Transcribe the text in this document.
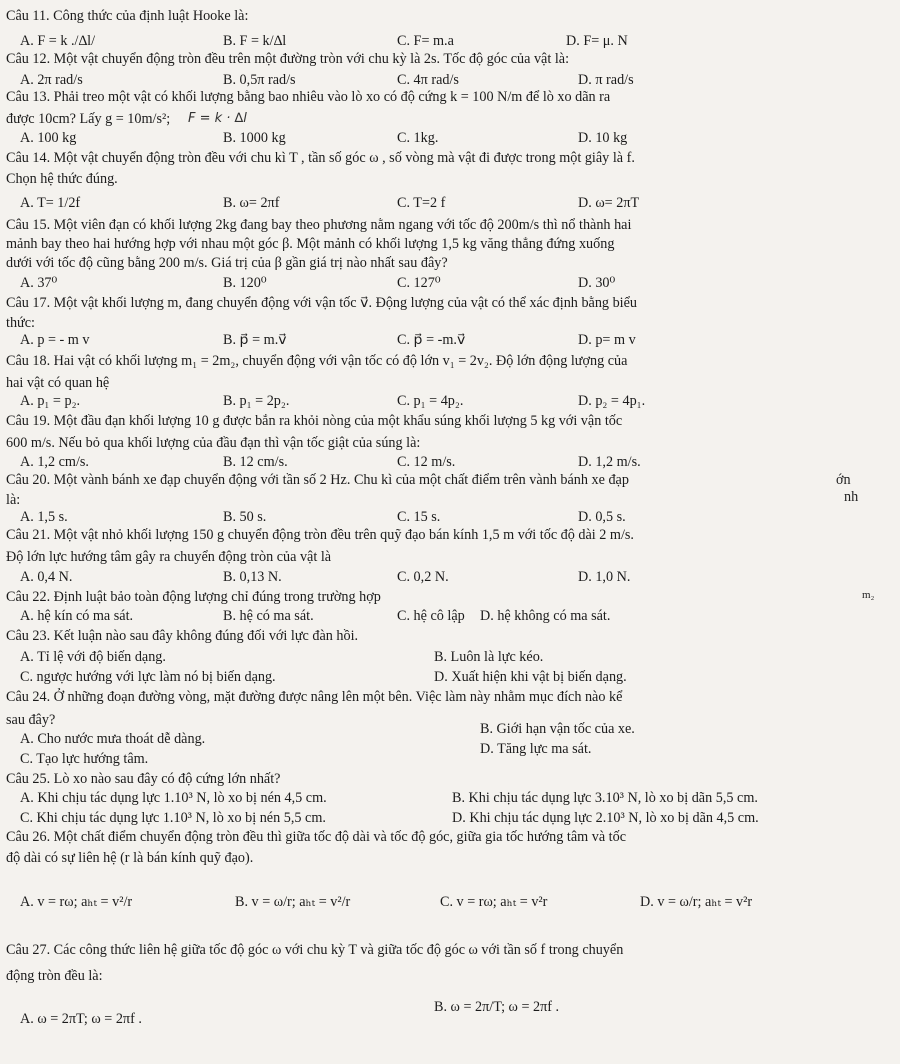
Câu 11. Công thức của định luật Hooke là:
A. F = k ./∆l/	B. F = k/∆l	C. F= m.a	D. F= μ. N
Câu 12. Một vật chuyển động tròn đều trên một đường tròn với chu kỳ là 2s. Tốc độ góc của vật là:
A. 2π rad/s	B. 0,5π rad/s	C. 4π rad/s	D. π rad/s
Câu 13. Phải treo một vật có khối lượng bằng bao nhiêu vào lò xo có độ cứng k = 100 N/m để lò xo dãn ra
được 10cm? Lấy g = 10m/s²; F = k · ∆l
A. 100 kg	B. 1000 kg	C. 1kg.	D. 10 kg
Câu 14. Một vật chuyển động tròn đều với chu kì T , tần số góc ω , số vòng mà vật đi được trong một giây là f.
Chọn hệ thức đúng.
A. T= 1/2f	B. ω= 2πf	C. T=2 f	D. ω= 2πT
Câu 15. Một viên đạn có khối lượng 2kg đang bay theo phương nằm ngang với tốc độ 200m/s thì nổ thành hai
mảnh bay theo hai hướng hợp với nhau một góc β. Một mảnh có khối lượng 1,5 kg văng thẳng đứng xuống
dưới với tốc độ cũng bằng 200 m/s. Giá trị của β gần giá trị nào nhất sau đây?
A. 37⁰	B. 120⁰	C. 127⁰	D. 30⁰
Câu 17. Một vật khối lượng m, đang chuyển động với vận tốc v⃗. Động lượng của vật có thể xác định bằng biểu
thức:
A. p = - m v	B. p⃗ = m.v⃗	C. p⃗ = -m.v⃗	D. p= m v
Câu 18. Hai vật có khối lượng m₁ = 2m₂, chuyển động với vận tốc có độ lớn v₁ = 2v₂. Độ lớn động lượng của
hai vật có quan hệ
A. p₁ = p₂.	B. p₁ = 2p₂.	C. p₁ = 4p₂.	D. p₂ = 4p₁.
Câu 19. Một đầu đạn khối lượng 10 g được bắn ra khỏi nòng của một khẩu súng khối lượng 5 kg với vận tốc
600 m/s. Nếu bỏ qua khối lượng của đầu đạn thì vận tốc giật của súng là:
A. 1,2 cm/s.	B. 12 cm/s.	C. 12 m/s.	D. 1,2 m/s.
Câu 20. Một vành bánh xe đạp chuyển động với tần số 2 Hz. Chu kì của một chất điểm trên vành bánh xe đạp	ớn
là:	nh
A. 1,5 s.	B. 50 s.	C. 15 s.	D. 0,5 s.
Câu 21. Một vật nhỏ khối lượng 150 g chuyển động tròn đều trên quỹ đạo bán kính 1,5 m với tốc độ dài 2 m/s.
Độ lớn lực hướng tâm gây ra chuyển động tròn của vật là
A. 0,4 N.	B. 0,13 N.	C. 0,2 N.	D. 1,0 N.
Câu 22. Định luật bảo toàn động lượng chỉ đúng trong trường hợp	m₂
A. hệ kín có ma sát.	B. hệ có ma sát.	C. hệ cô lập D. hệ không có ma sát.
Câu 23. Kết luận nào sau đây không đúng đối với lực đàn hồi.
A. Tỉ lệ với độ biến dạng.	B. Luôn là lực kéo.
C. ngược hướng với lực làm nó bị biến dạng.	D. Xuất hiện khi vật bị biến dạng.
Câu 24. Ở những đoạn đường vòng, mặt đường được nâng lên một bên. Việc làm này nhằm mục đích nào kể
sau đây?
A. Cho nước mưa thoát dễ dàng.
B. Giới hạn vận tốc của xe.
C. Tạo lực hướng tâm.
D. Tăng lực ma sát.
Câu 25. Lò xo nào sau đây có độ cứng lớn nhất?
A. Khi chịu tác dụng lực 1.10³ N, lò xo bị nén 4,5 cm.	B. Khi chịu tác dụng lực 3.10³ N, lò xo bị dãn 5,5 cm.
C. Khi chịu tác dụng lực 1.10³ N, lò xo bị nén 5,5 cm.	D. Khi chịu tác dụng lực 2.10³ N, lò xo bị dãn 4,5 cm.
Câu 26. Một chất điểm chuyển động tròn đều thì giữa tốc độ dài và tốc độ góc, giữa gia tốc hướng tâm và tốc
độ dài có sự liên hệ (r là bán kính quỹ đạo).
A. v = rω; aₕₜ = v²/r	B. v = ω/r; aₕₜ = v²/r	C. v = rω; aₕₜ = v²r	D. v = ω/r; aₕₜ = v²r
Câu 27. Các công thức liên hệ giữa tốc độ góc ω với chu kỳ T và giữa tốc độ góc ω với tần số f trong chuyển
động tròn đều là:
A. ω = 2πT; ω = 2πf .
B. ω = 2π/T; ω = 2πf .
